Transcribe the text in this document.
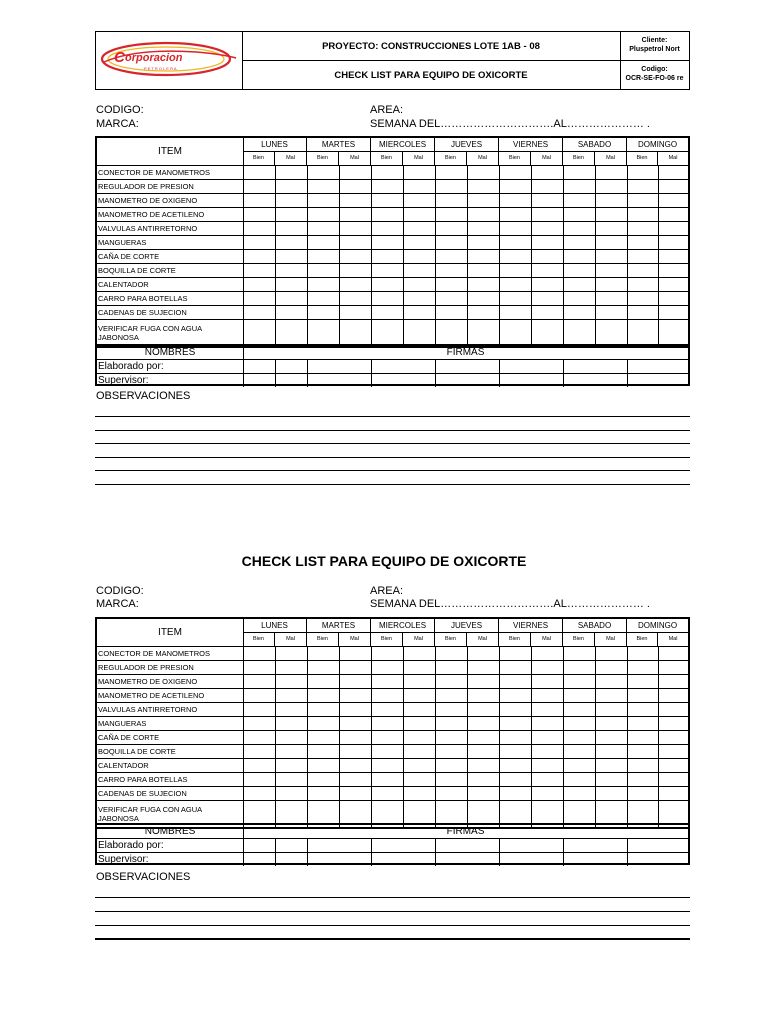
C orporacion
P E T R O L E R A
PROYECTO: CONSTRUCCIONES LOTE 1AB - 08
CHECK LIST PARA EQUIPO DE OXICORTE
Cliente:
Pluspetrol Nort
Codigo:
OCR-SE-FO-06 re
CODIGO:
MARCA:
AREA:
SEMANA DEL………………………….AL………………… .
ITEM
LUNES
Bien	Mal
MARTES
Bien	Mal
MIERCOLES
Bien	Mal
JUEVES
Bien	Mal
VIERNES
Bien	Mal
SABADO
Bien	Mal
DOMINGO
Bien	Mal
CONECTOR DE MANOMETROS
REGULADOR DE PRESION
MANOMETRO DE OXIGENO
MANOMETRO DE ACETILENO
VALVULAS ANTIRRETORNO
MANGUERAS
CAÑA DE CORTE
BOQUILLA DE CORTE
CALENTADOR
CARRO PARA BOTELLAS
CADENAS DE SUJECION
VERIFICAR FUGA CON AGUA JABONOSA
NOMBRES	FIRMAS
Elaborado por:
Supervisor:
OBSERVACIONES
CHECK LIST PARA EQUIPO DE OXICORTE
CODIGO:
MARCA:
AREA:
SEMANA DEL………………………….AL………………… .
ITEM
LUNES
Bien	Mal
MARTES
Bien	Mal
MIERCOLES
Bien	Mal
JUEVES
Bien	Mal
VIERNES
Bien	Mal
SABADO
Bien	Mal
DOMINGO
Bien	Mal
CONECTOR DE MANOMETROS
REGULADOR DE PRESION
MANOMETRO DE OXIGENO
MANOMETRO DE ACETILENO
VALVULAS ANTIRRETORNO
MANGUERAS
CAÑA DE CORTE
BOQUILLA DE CORTE
CALENTADOR
CARRO PARA BOTELLAS
CADENAS DE SUJECION
VERIFICAR FUGA CON AGUA JABONOSA
NOMBRES	FIRMAS
Elaborado por:
Supervisor:
OBSERVACIONES
